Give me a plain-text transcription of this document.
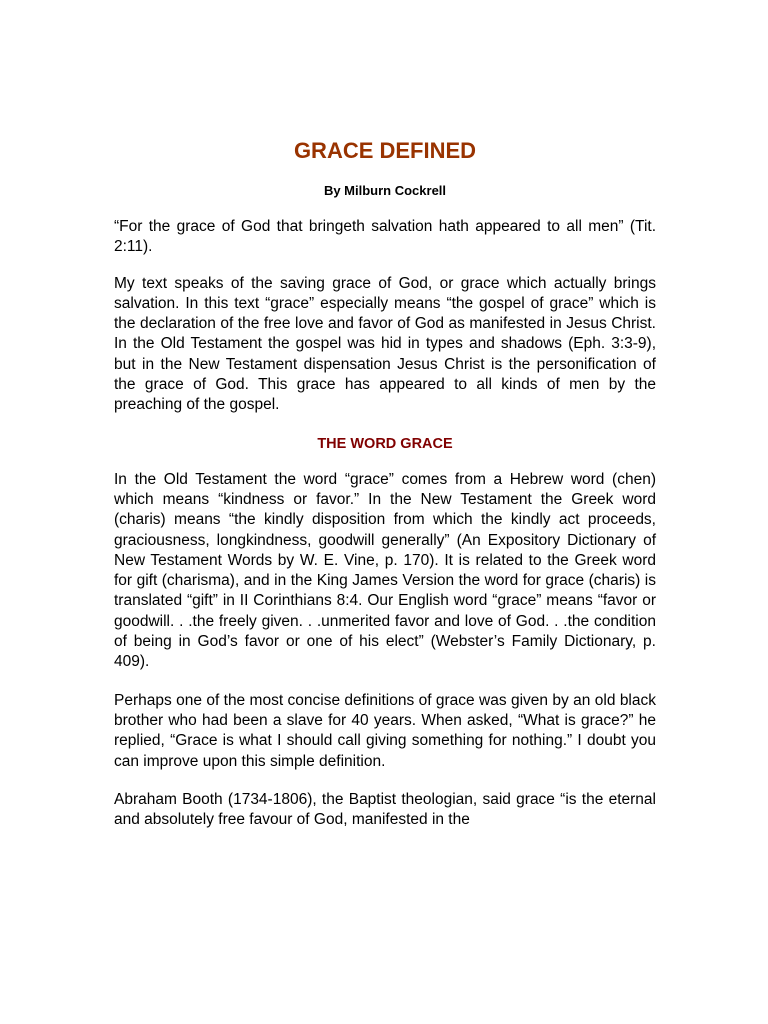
GRACE DEFINED
By Milburn Cockrell

“For the grace of God that bringeth salvation hath appeared to all men” (Tit. 2:11).

My text speaks of the saving grace of God, or grace which actually brings salvation. In this text “grace” especially means “the gospel of grace” which is the declaration of the free love and favor of God as manifested in Jesus Christ. In the Old Testament the gospel was hid in types and shadows (Eph. 3:3-9), but in the New Testament dispensation Jesus Christ is the personification of the grace of God. This grace has appeared to all kinds of men by the preaching of the gospel.

THE WORD GRACE

In the Old Testament the word “grace” comes from a Hebrew word (chen) which means “kindness or favor.” In the New Testament the Greek word (charis) means “the kindly disposition from which the kindly act proceeds, graciousness, longkindness, goodwill generally” (An Expository Dictionary of New Testament Words by W. E. Vine, p. 170). It is related to the Greek word for gift (charisma), and in the King James Version the word for grace (charis) is translated “gift” in II Corinthians 8:4. Our English word “grace” means “favor or goodwill. . .the freely given. . .unmerited favor and love of God. . .the condition of being in God’s favor or one of his elect” (Webster’s Family Dictionary, p. 409).

Perhaps one of the most concise definitions of grace was given by an old black brother who had been a slave for 40 years. When asked, “What is grace?” he replied, “Grace is what I should call giving something for nothing.” I doubt you can improve upon this simple definition.

Abraham Booth (1734-1806), the Baptist theologian, said grace “is the eternal and absolutely free favour of God, manifested in the
